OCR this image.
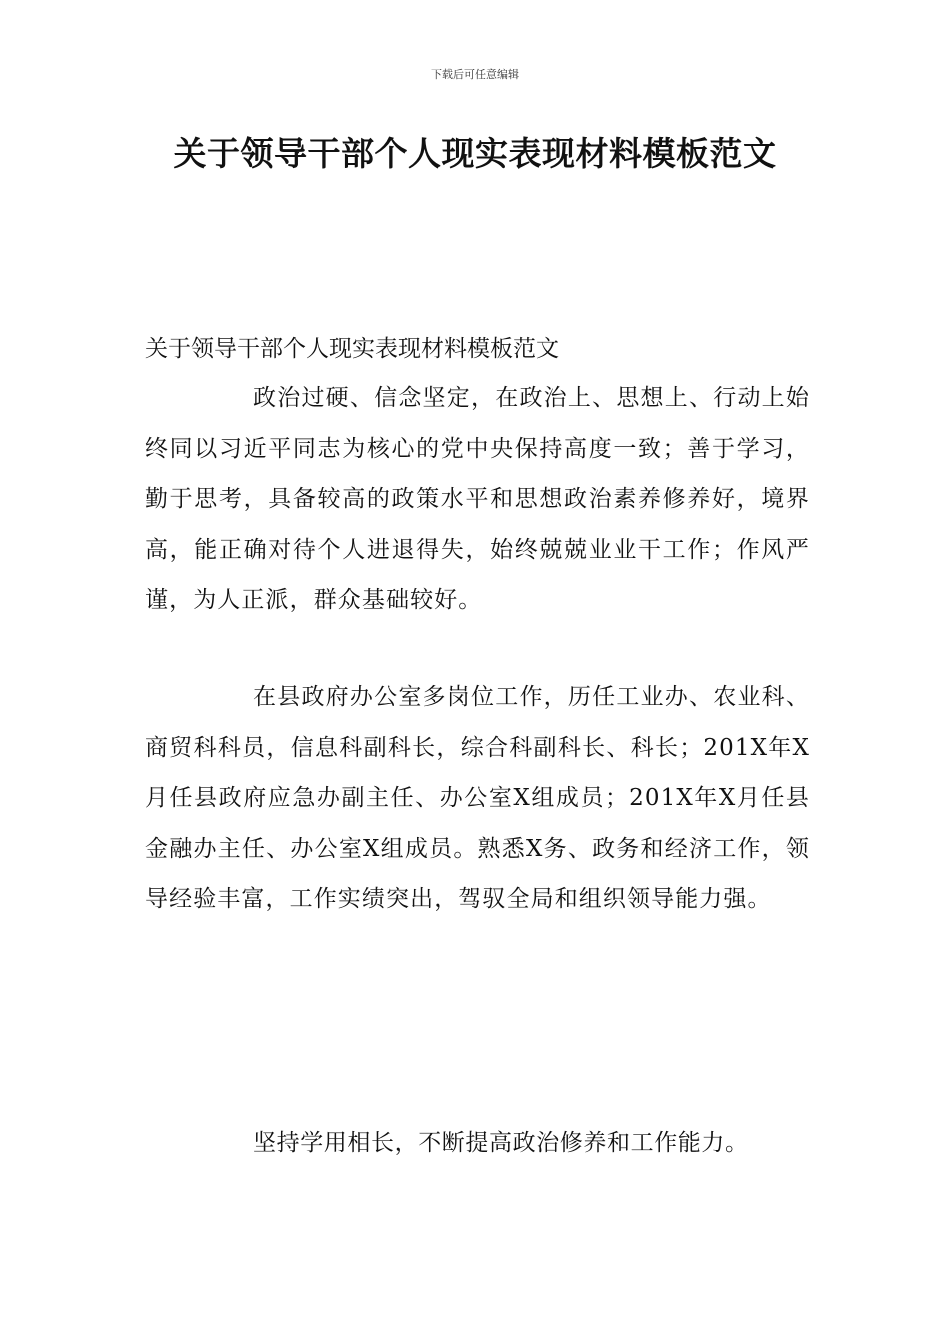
下载后可任意编辑
关于领导干部个人现实表现材料模板范文
关于领导干部个人现实表现材料模板范文

政治过硬、信念坚定，在政治上、思想上、行动上始终同以习近平同志为核心的党中央保持高度一致；善于学习，勤于思考，具备较高的政策水平和思想政治素养修养好，境界高，能正确对待个人进退得失，始终兢兢业业干工作；作风严谨，为人正派，群众基础较好。

在县政府办公室多岗位工作，历任工业办、农业科、商贸科科员，信息科副科长，综合科副科长、科长；201X年X月任县政府应急办副主任、办公室X组成员；201X年X月任县金融办主任、办公室X组成员。熟悉X务、政务和经济工作，领导经验丰富，工作实绩突出，驾驭全局和组织领导能力强。

坚持学用相长，不断提高政治修养和工作能力。
